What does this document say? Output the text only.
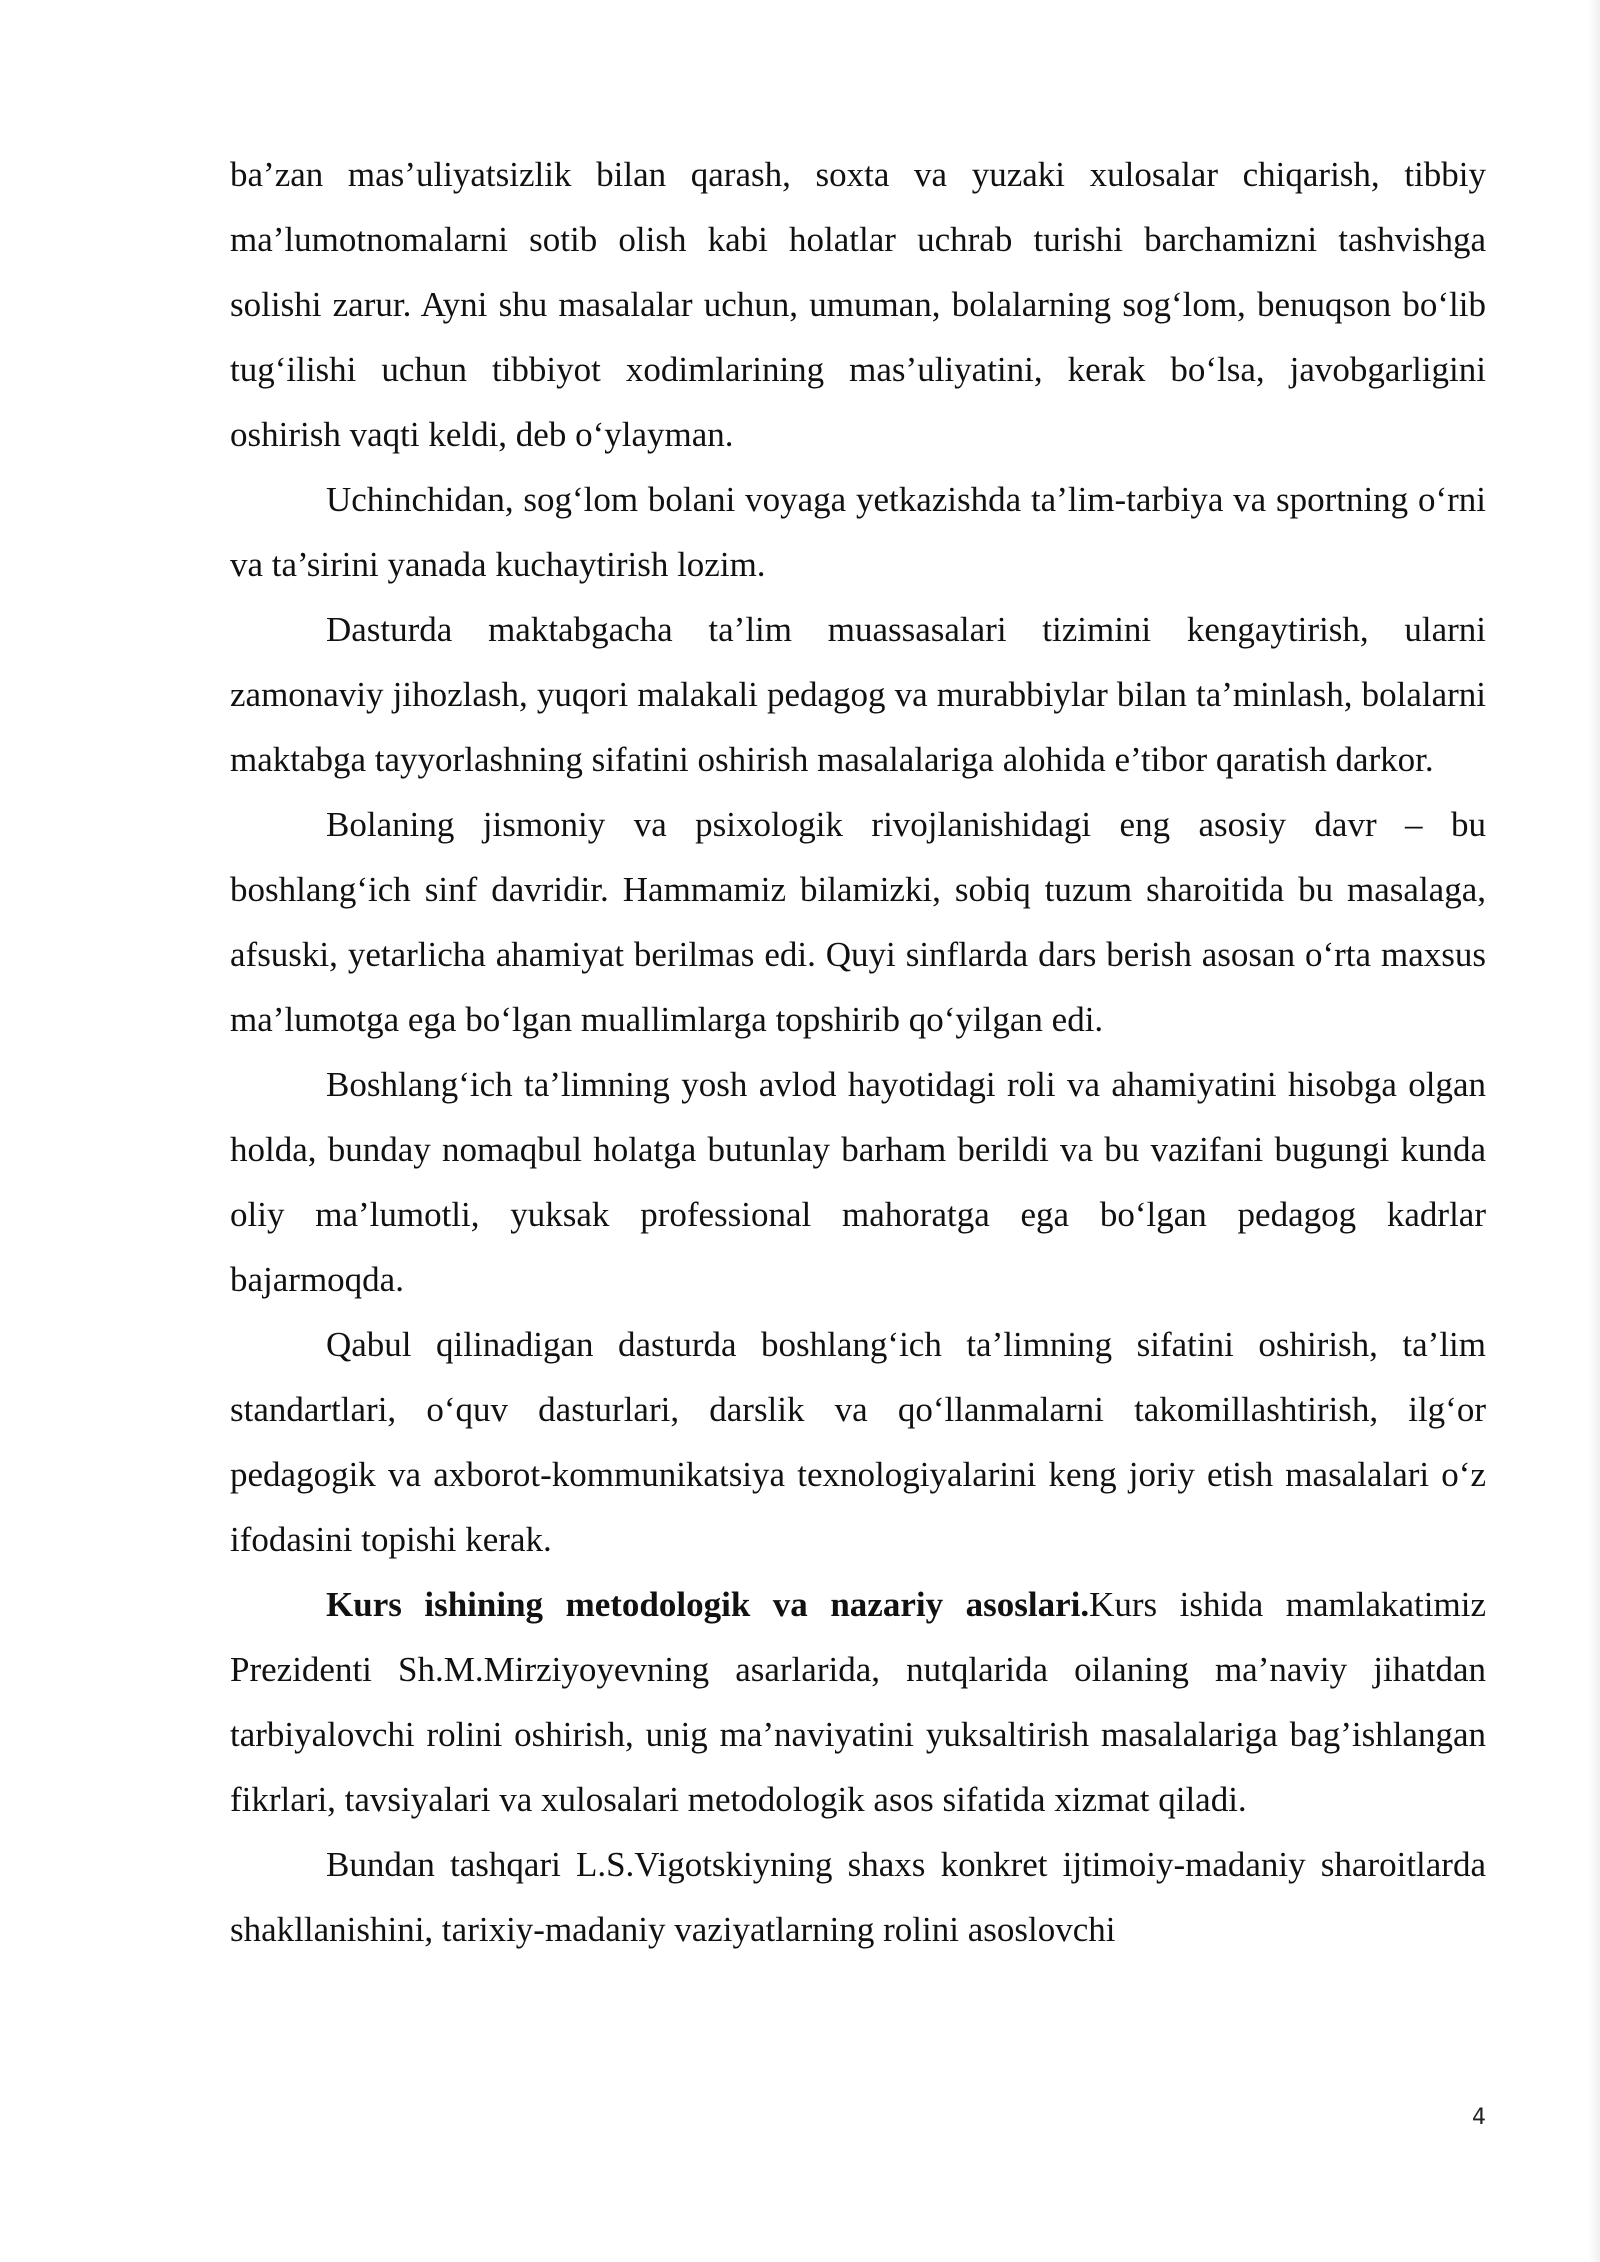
ba’zan mas’uliyatsizlik bilan qarash, soxta va yuzaki xulosalar chiqarish, tibbiy ma’lumotnomalarni sotib olish kabi holatlar uchrab turishi barchamizni tashvishga solishi zarur. Ayni shu masalalar uchun, umuman, bolalarning sog‘lom, benuqson bo‘lib tug‘ilishi uchun tibbiyot xodimlarining mas’uliyatini, kerak bo‘lsa, javobgarligini oshirish vaqti keldi, deb o‘ylayman.

Uchinchidan, sog‘lom bolani voyaga yetkazishda ta’lim-tarbiya va sportning o‘rni va ta’sirini yanada kuchaytirish lozim.

Dasturda maktabgacha ta’lim muassasalari tizimini kengaytirish, ularni zamonaviy jihozlash, yuqori malakali pedagog va murabbiylar bilan ta’minlash, bolalarni maktabga tayyorlashning sifatini oshirish masalalariga alohida e’tibor qaratish darkor.

Bolaning jismoniy va psixologik rivojlanishidagi eng asosiy davr – bu boshlang‘ich sinf davridir. Hammamiz bilamizki, sobiq tuzum sharoitida bu masalaga, afsuski, yetarlicha ahamiyat berilmas edi. Quyi sinflarda dars berish asosan o‘rta maxsus ma’lumotga ega bo‘lgan muallimlarga topshirib qo‘yilgan edi.

Boshlang‘ich ta’limning yosh avlod hayotidagi roli va ahamiyatini hisobga olgan holda, bunday nomaqbul holatga butunlay barham berildi va bu vazifani bugungi kunda oliy ma’lumotli, yuksak professional mahoratga ega bo‘lgan pedagog kadrlar bajarmoqda.

Qabul qilinadigan dasturda boshlang‘ich ta’limning sifatini oshirish, ta’lim standartlari, o‘quv dasturlari, darslik va qo‘llanmalarni takomillashtirish, ilg‘or pedagogik va axborot-kommunikatsiya texnologiyalarini keng joriy etish masalalari o‘z ifodasini topishi kerak.

Kurs ishining metodologik va nazariy asoslari.Kurs ishida mamlakatimiz Prezidenti Sh.M.Mirziyoyevning asarlarida, nutqlarida oilaning ma’naviy jihatdan tarbiyalovchi rolini oshirish, unig ma’naviyatini yuksaltirish masalalariga bag’ishlangan fikrlari, tavsiyalari va xulosalari metodologik asos sifatida xizmat qiladi.

Bundan tashqari L.S.Vigotskiyning shaxs konkret ijtimoiy-madaniy sharoitlarda shakllanishini, tarixiy-madaniy vaziyatlarning rolini asoslovchi

4
